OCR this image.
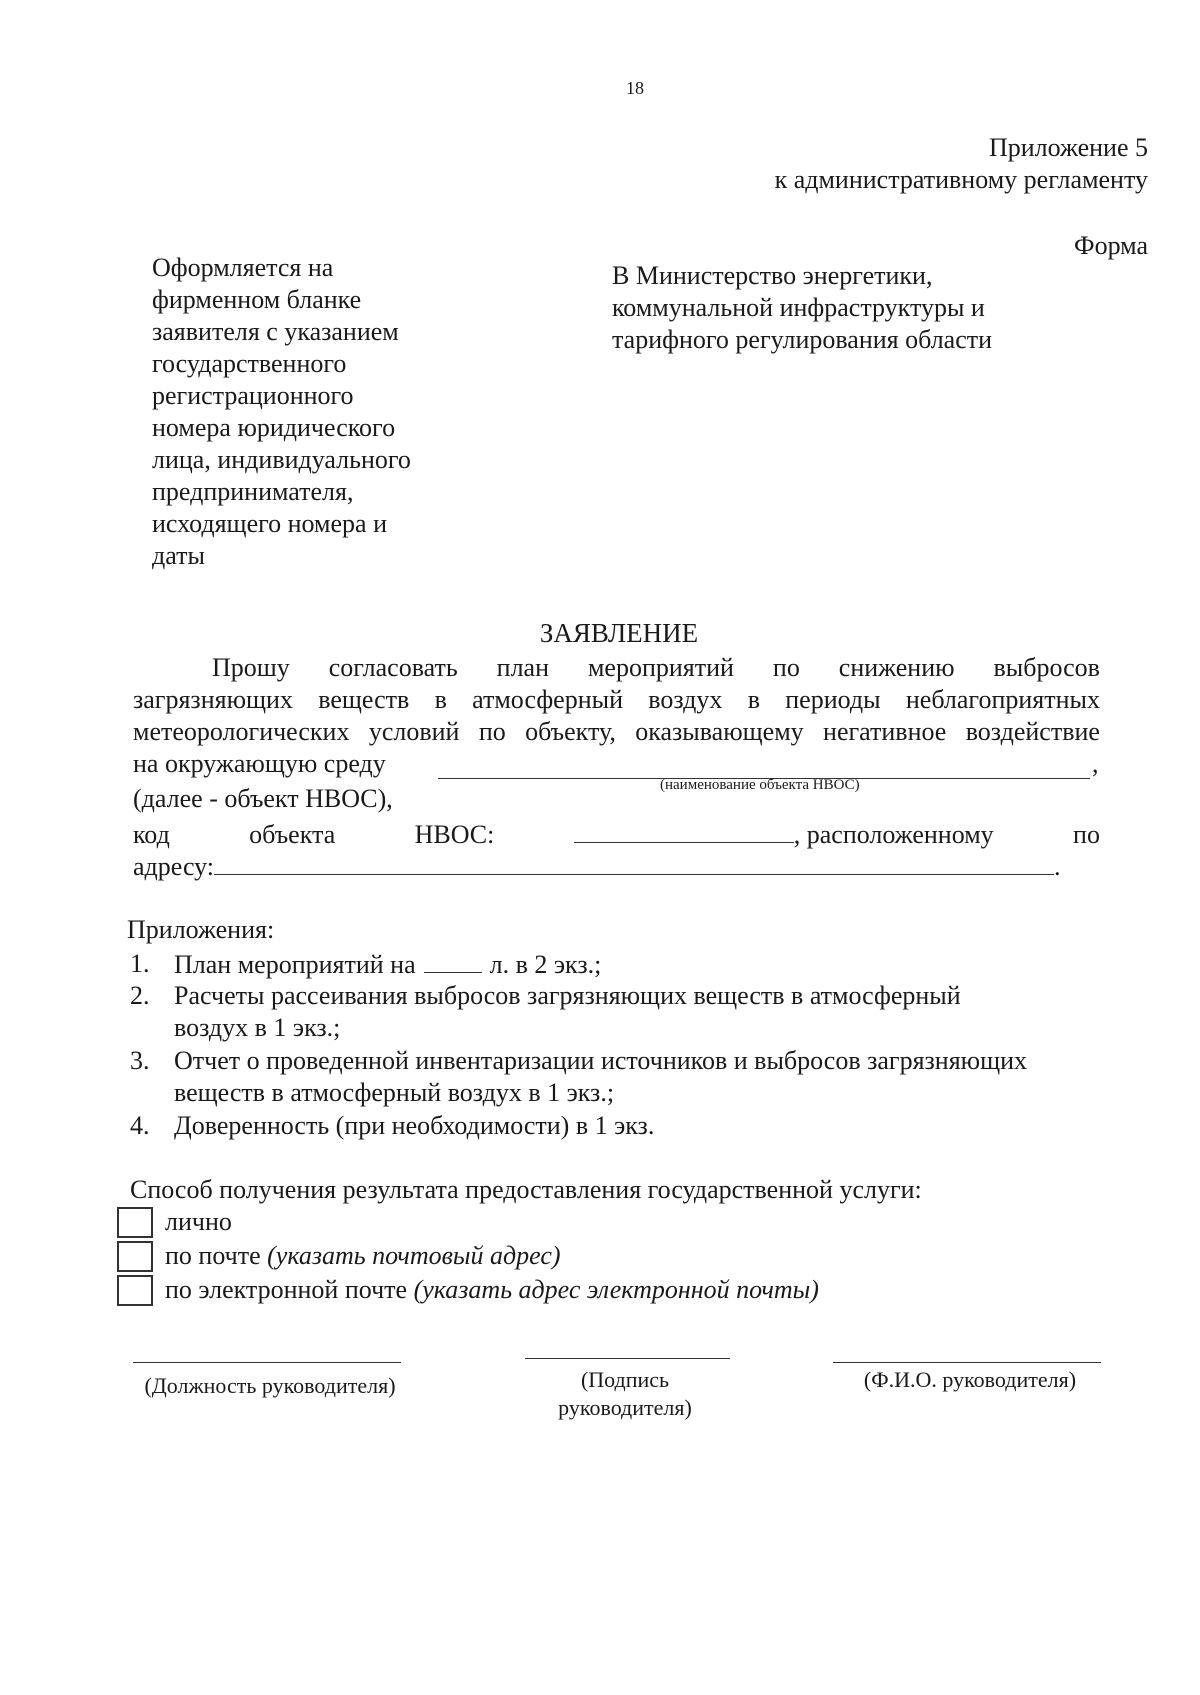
18
Приложение 5
к административному регламенту
Форма
Оформляется на
фирменном бланке
заявителя с указанием
государственного
регистрационного
номера юридического
лица, индивидуального
предпринимателя,
исходящего номера и
даты
В Министерство энергетики,
коммунальной инфраструктуры и
тарифного регулирования области
ЗАЯВЛЕНИЕ
Прошу согласовать план мероприятий по снижению выбросов
загрязняющих веществ в атмосферный воздух в периоды неблагоприятных
метеорологических условий по объекту, оказывающему негативное воздействие
на окружающую среду	,
(наименование объекта НВОС)
(далее - объект НВОС),
код	объекта	НВОС:	, расположенному	по
адресу:	.
Приложения:
1. План мероприятий на	л. в 2 экз.;
2. Расчеты рассеивания выбросов загрязняющих веществ в атмосферный
воздух в 1 экз.;
3. Отчет о проведенной инвентаризации источников и выбросов загрязняющих
веществ в атмосферный воздух в 1 экз.;
4. Доверенность (при необходимости) в 1 экз.
Способ получения результата предоставления государственной услуги:
лично
по почте
(указать почтовый адрес)
по электронной почте
(указать адрес электронной почты)
(Должность руководителя)	(Подпись
руководителя)
(Ф.И.О. руководителя)
